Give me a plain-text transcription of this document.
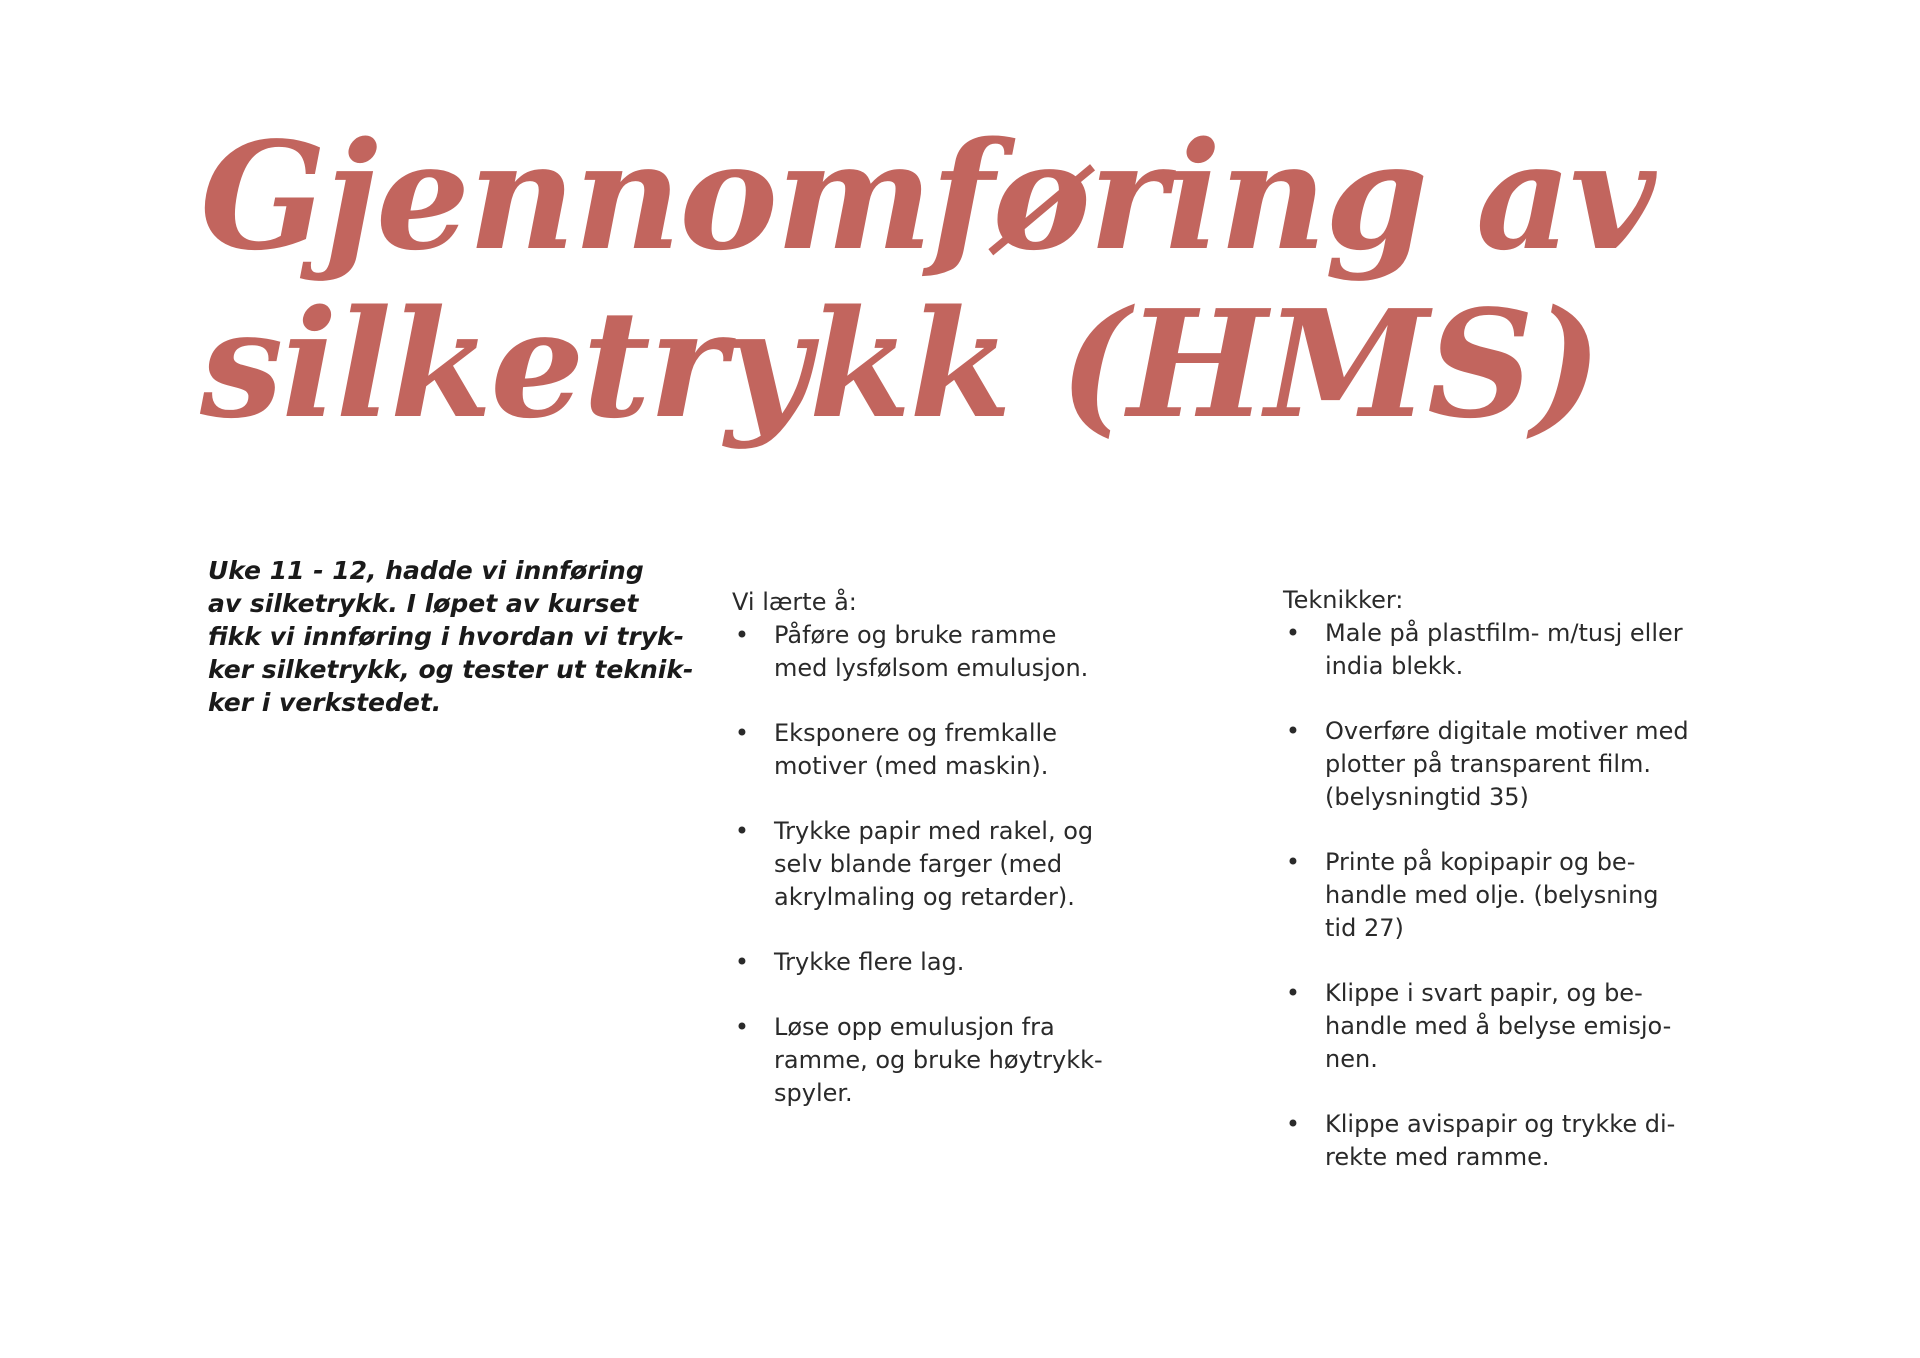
Gjennomføring av
silketrykk (HMS)
Uke 11 - 12, hadde vi innføring
av silketrykk. I løpet av kurset
fikk vi innføring i hvordan vi tryk-
ker silketrykk, og tester ut teknik-
ker i verkstedet.
Vi lærte å:
• Påføre og bruke ramme
med lysfølsom emulusjon.
• Eksponere og fremkalle
motiver (med maskin).
• Trykke papir med rakel, og
selv blande farger (med
akrylmaling og retarder).
• Trykke flere lag.
• Løse opp emulusjon fra
ramme, og bruke høytrykk-
spyler.
Teknikker:
• Male på plastfilm- m/tusj eller
india blekk.
• Overføre digitale motiver med
plotter på transparent film.
(belysningtid 35)
• Printe på kopipapir og be-
handle med olje. (belysning
tid 27)
• Klippe i svart papir, og be-
handle med å belyse emisjo-
nen.
• Klippe avispapir og trykke di-
rekte med ramme.
